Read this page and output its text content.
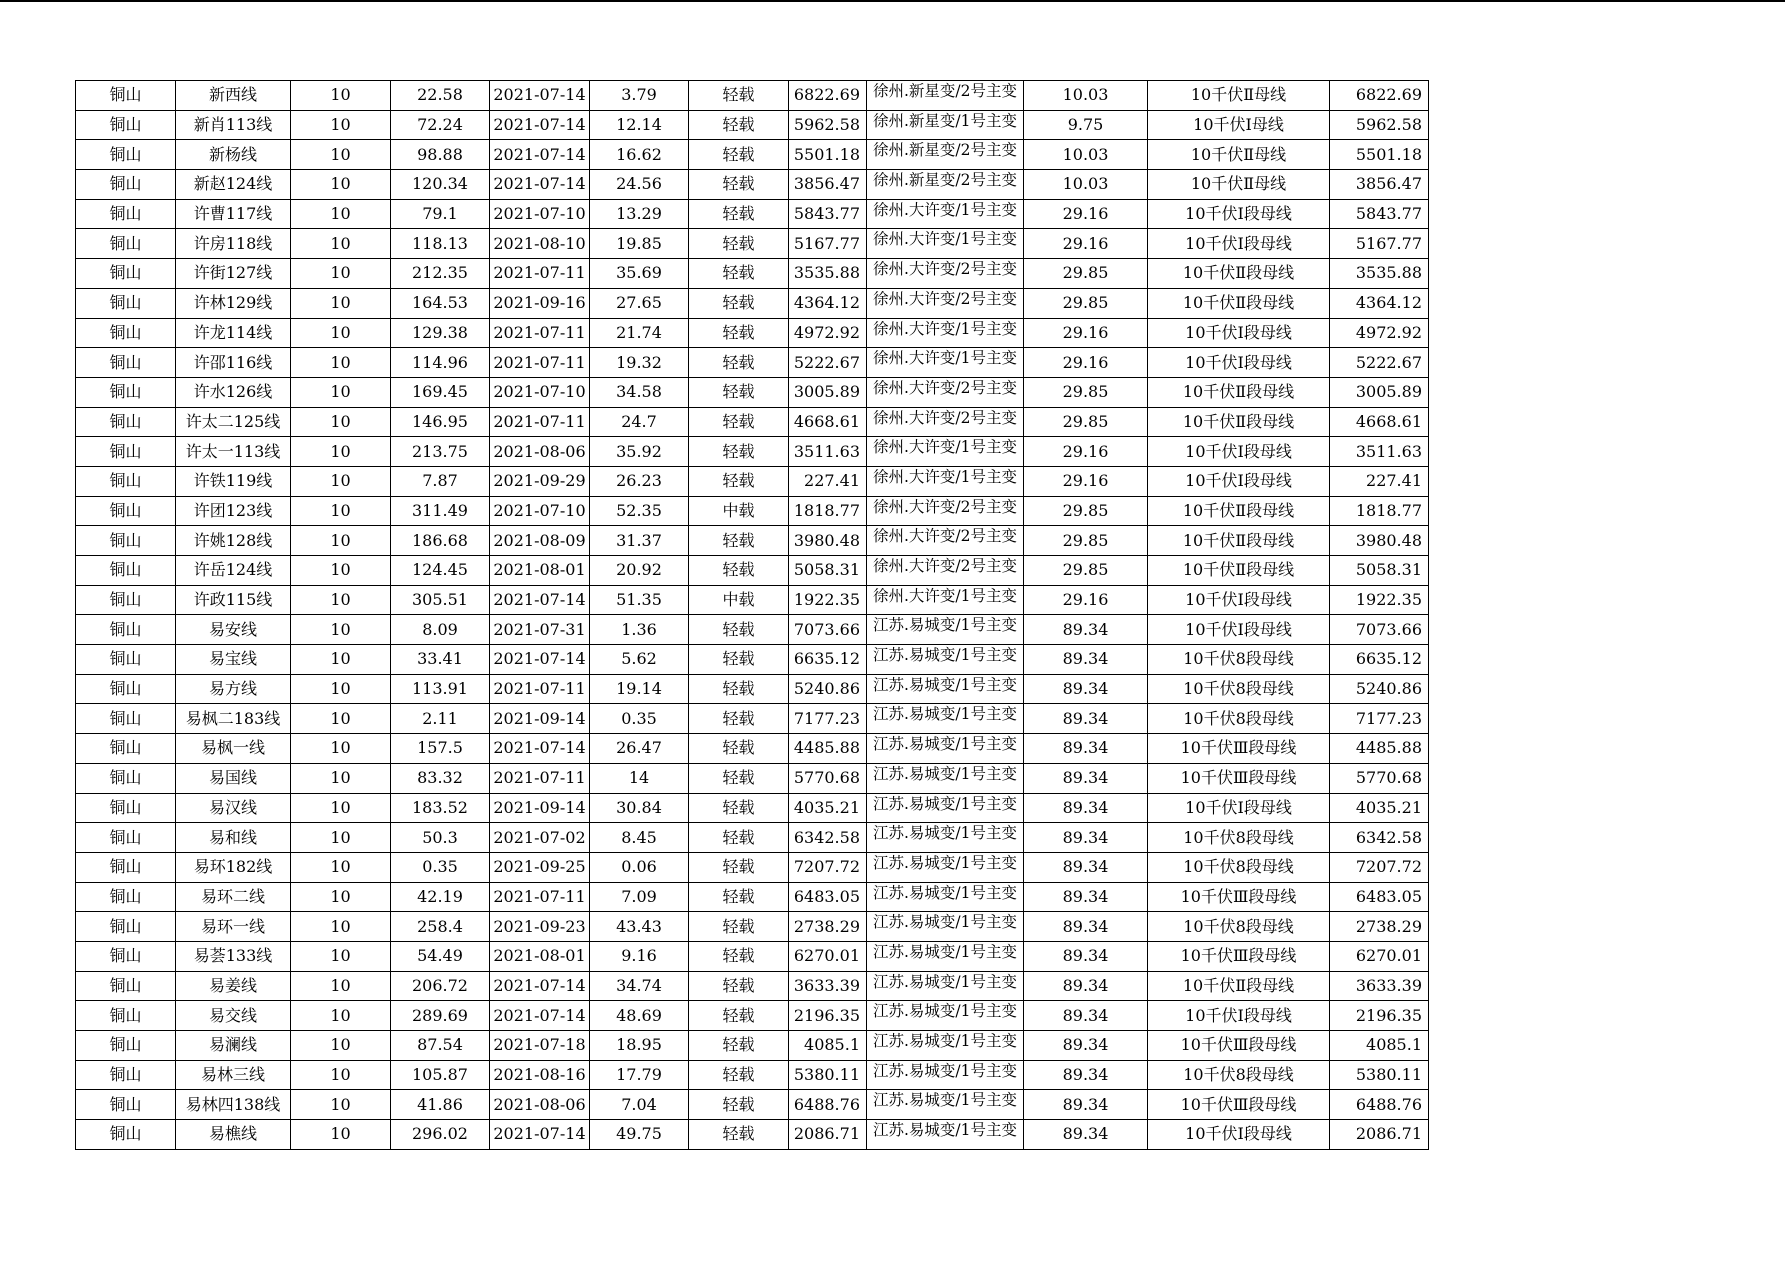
铜山	新西线	10	22.58	2021-07-14	3.79	轻载	6822.69	徐州.新星变/2号主变	10.03	10千伏Ⅱ母线	6822.69
铜山	新肖113线	10	72.24	2021-07-14	12.14	轻载	5962.58	徐州.新星变/1号主变	9.75	10千伏Ⅰ母线	5962.58
铜山	新杨线	10	98.88	2021-07-14	16.62	轻载	5501.18	徐州.新星变/2号主变	10.03	10千伏Ⅱ母线	5501.18
铜山	新赵124线	10	120.34	2021-07-14	24.56	轻载	3856.47	徐州.新星变/2号主变	10.03	10千伏Ⅱ母线	3856.47
铜山	许曹117线	10	79.1	2021-07-10	13.29	轻载	5843.77	徐州.大许变/1号主变	29.16	10千伏Ⅰ段母线	5843.77
铜山	许房118线	10	118.13	2021-08-10	19.85	轻载	5167.77	徐州.大许变/1号主变	29.16	10千伏Ⅰ段母线	5167.77
铜山	许街127线	10	212.35	2021-07-11	35.69	轻载	3535.88	徐州.大许变/2号主变	29.85	10千伏Ⅱ段母线	3535.88
铜山	许林129线	10	164.53	2021-09-16	27.65	轻载	4364.12	徐州.大许变/2号主变	29.85	10千伏Ⅱ段母线	4364.12
铜山	许龙114线	10	129.38	2021-07-11	21.74	轻载	4972.92	徐州.大许变/1号主变	29.16	10千伏Ⅰ段母线	4972.92
铜山	许邵116线	10	114.96	2021-07-11	19.32	轻载	5222.67	徐州.大许变/1号主变	29.16	10千伏Ⅰ段母线	5222.67
铜山	许水126线	10	169.45	2021-07-10	34.58	轻载	3005.89	徐州.大许变/2号主变	29.85	10千伏Ⅱ段母线	3005.89
铜山	许太二125线	10	146.95	2021-07-11	24.7	轻载	4668.61	徐州.大许变/2号主变	29.85	10千伏Ⅱ段母线	4668.61
铜山	许太一113线	10	213.75	2021-08-06	35.92	轻载	3511.63	徐州.大许变/1号主变	29.16	10千伏Ⅰ段母线	3511.63
铜山	许铁119线	10	7.87	2021-09-29	26.23	轻载	227.41	徐州.大许变/1号主变	29.16	10千伏Ⅰ段母线	227.41
铜山	许团123线	10	311.49	2021-07-10	52.35	中载	1818.77	徐州.大许变/2号主变	29.85	10千伏Ⅱ段母线	1818.77
铜山	许姚128线	10	186.68	2021-08-09	31.37	轻载	3980.48	徐州.大许变/2号主变	29.85	10千伏Ⅱ段母线	3980.48
铜山	许岳124线	10	124.45	2021-08-01	20.92	轻载	5058.31	徐州.大许变/2号主变	29.85	10千伏Ⅱ段母线	5058.31
铜山	许政115线	10	305.51	2021-07-14	51.35	中载	1922.35	徐州.大许变/1号主变	29.16	10千伏Ⅰ段母线	1922.35
铜山	易安线	10	8.09	2021-07-31	1.36	轻载	7073.66	江苏.易城变/1号主变	89.34	10千伏Ⅰ段母线	7073.66
铜山	易宝线	10	33.41	2021-07-14	5.62	轻载	6635.12	江苏.易城变/1号主变	89.34	10千伏8段母线	6635.12
铜山	易方线	10	113.91	2021-07-11	19.14	轻载	5240.86	江苏.易城变/1号主变	89.34	10千伏8段母线	5240.86
铜山	易枫二183线	10	2.11	2021-09-14	0.35	轻载	7177.23	江苏.易城变/1号主变	89.34	10千伏8段母线	7177.23
铜山	易枫一线	10	157.5	2021-07-14	26.47	轻载	4485.88	江苏.易城变/1号主变	89.34	10千伏Ⅲ段母线	4485.88
铜山	易国线	10	83.32	2021-07-11	14	轻载	5770.68	江苏.易城变/1号主变	89.34	10千伏Ⅲ段母线	5770.68
铜山	易汉线	10	183.52	2021-09-14	30.84	轻载	4035.21	江苏.易城变/1号主变	89.34	10千伏Ⅰ段母线	4035.21
铜山	易和线	10	50.3	2021-07-02	8.45	轻载	6342.58	江苏.易城变/1号主变	89.34	10千伏8段母线	6342.58
铜山	易环182线	10	0.35	2021-09-25	0.06	轻载	7207.72	江苏.易城变/1号主变	89.34	10千伏8段母线	7207.72
铜山	易环二线	10	42.19	2021-07-11	7.09	轻载	6483.05	江苏.易城变/1号主变	89.34	10千伏Ⅲ段母线	6483.05
铜山	易环一线	10	258.4	2021-09-23	43.43	轻载	2738.29	江苏.易城变/1号主变	89.34	10千伏8段母线	2738.29
铜山	易荟133线	10	54.49	2021-08-01	9.16	轻载	6270.01	江苏.易城变/1号主变	89.34	10千伏Ⅲ段母线	6270.01
铜山	易姜线	10	206.72	2021-07-14	34.74	轻载	3633.39	江苏.易城变/1号主变	89.34	10千伏Ⅱ段母线	3633.39
铜山	易交线	10	289.69	2021-07-14	48.69	轻载	2196.35	江苏.易城变/1号主变	89.34	10千伏Ⅰ段母线	2196.35
铜山	易澜线	10	87.54	2021-07-18	18.95	轻载	4085.1	江苏.易城变/1号主变	89.34	10千伏Ⅲ段母线	4085.1
铜山	易林三线	10	105.87	2021-08-16	17.79	轻载	5380.11	江苏.易城变/1号主变	89.34	10千伏8段母线	5380.11
铜山	易林四138线	10	41.86	2021-08-06	7.04	轻载	6488.76	江苏.易城变/1号主变	89.34	10千伏Ⅲ段母线	6488.76
铜山	易樵线	10	296.02	2021-07-14	49.75	轻载	2086.71	江苏.易城变/1号主变	89.34	10千伏Ⅰ段母线	2086.71
